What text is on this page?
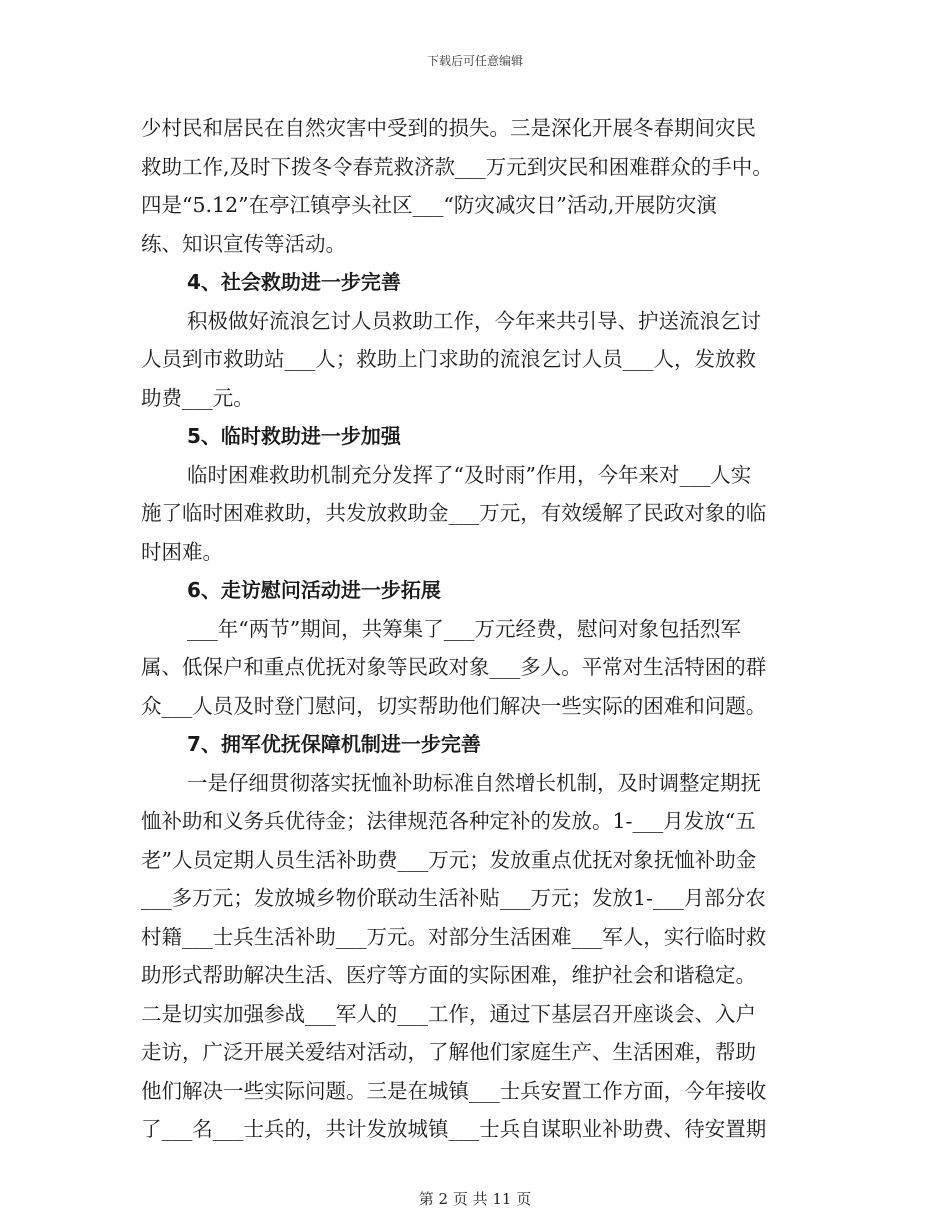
下载后可任意编辑
少村民和居民在自然灾害中受到的损失。三是深化开展冬春期间灾民
救助工作,及时下拨冬令春荒救济款___万元到灾民和困难群众的手中。
四是“5.12”在亭江镇亭头社区___“防灾减灾日”活动,开展防灾演
练、知识宣传等活动。
4、社会救助进一步完善
积极做好流浪乞讨人员救助工作，今年来共引导、护送流浪乞讨
人员到市救助站___人；救助上门求助的流浪乞讨人员___人，发放救
助费___元。
5、临时救助进一步加强
临时困难救助机制充分发挥了“及时雨”作用，今年来对___人实
施了临时困难救助，共发放救助金___万元，有效缓解了民政对象的临
时困难。
6、走访慰问活动进一步拓展
___年“两节”期间，共筹集了___万元经费，慰问对象包括烈军
属、低保户和重点优抚对象等民政对象___多人。平常对生活特困的群
众___人员及时登门慰问，切实帮助他们解决一些实际的困难和问题。
7、拥军优抚保障机制进一步完善
一是仔细贯彻落实抚恤补助标准自然增长机制，及时调整定期抚
恤补助和义务兵优待金；法律规范各种定补的发放。1-___月发放“五
老”人员定期人员生活补助费___万元；发放重点优抚对象抚恤补助金
___多万元；发放城乡物价联动生活补贴___万元；发放1-___月部分农
村籍___士兵生活补助___万元。对部分生活困难___军人，实行临时救
助形式帮助解决生活、医疗等方面的实际困难，维护社会和谐稳定。
二是切实加强参战___军人的___工作，通过下基层召开座谈会、入户
走访，广泛开展关爱结对活动，了解他们家庭生产、生活困难，帮助
他们解决一些实际问题。三是在城镇___士兵安置工作方面，今年接收
了___名___士兵的，共计发放城镇___士兵自谋职业补助费、待安置期
第 2 页 共 11 页
